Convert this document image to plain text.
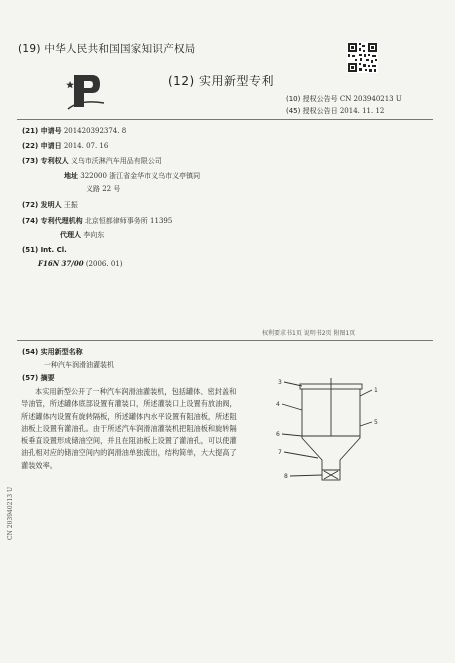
(19) 中华人民共和国国家知识产权局
(12) 实用新型专利
(10) 授权公告号 CN 203940213 U
(45) 授权公告日 2014. 11. 12
(21) 申请号 201420392374. 8
(22) 申请日 2014. 07. 16
(73) 专利权人 义乌市沃淋汽车用品有限公司
地址 322000 浙江省金华市义乌市义亭镇同
义路 22 号
(72) 发明人 王振
(74) 专利代理机构 北京恒都律师事务所 11395
代理人 李向东
(51) Int. Cl.
F16N 37/00 (2006. 01)
权利要求书1页 说明书2页 附图1页
(54) 实用新型名称
一种汽车润滑油灌装机
(57) 摘要
本实用新型公开了一种汽车润滑油灌装机，包括罐体、密封盖和导油管，所述罐体底部设置有灌装口，所述灌装口上设置有放油阀，所述罐体内设置有旋转隔板，所述罐体内水平设置有阻油板，所述阻油板上设置有灌油孔。由于所述汽车润滑油灌装机把阻油板和旋转隔板垂直设置形成储油空间，并且在阻油板上设置了灌油孔，可以使灌油孔相对应的储油空间内的润滑油单独流出，结构简单，大大提高了灌装效率。
CN 203940213 U
3
4
1
5
6
7
8
